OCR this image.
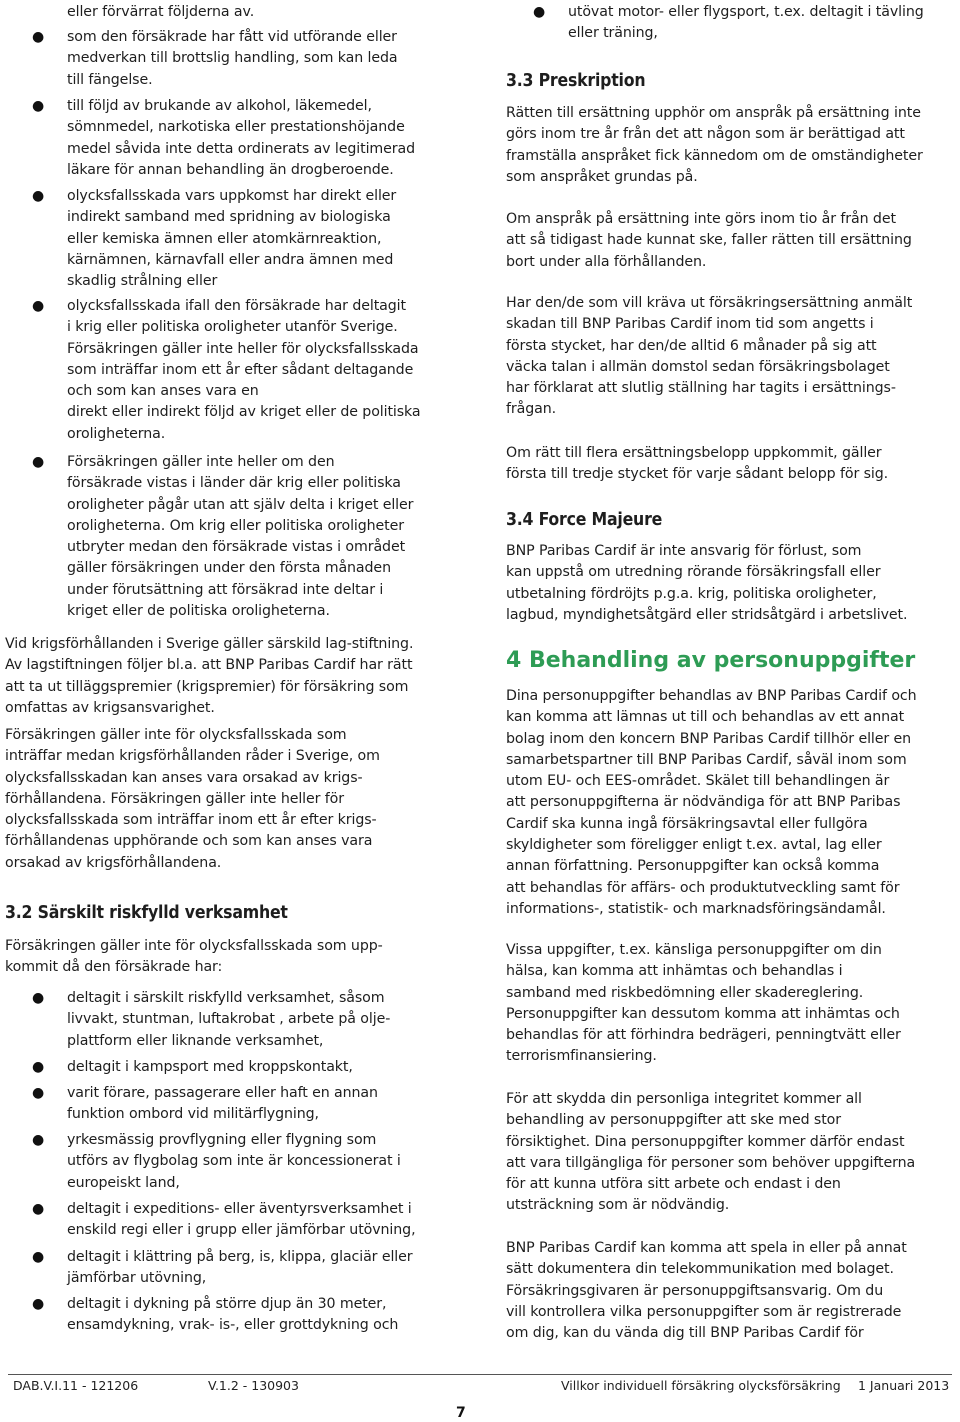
eller förvärrat följderna av.

● som den försäkrade har fått vid utförande eller
medverkan till brottslig handling, som kan leda
till fängelse.
● till följd av brukande av alkohol, läkemedel,
sömnmedel, narkotiska eller prestationshöjande
medel såvida inte detta ordinerats av legitimerad
läkare för annan behandling än drogberoende.
● olycksfallsskada vars uppkomst har direkt eller
indirekt samband med spridning av biologiska
eller kemiska ämnen eller atomkärnreaktion,
kärnämnen, kärnavfall eller andra ämnen med
skadlig strålning eller
● olycksfallsskada ifall den försäkrade har deltagit
i krig eller politiska oroligheter utanför Sverige.
Försäkringen gäller inte heller för olycksfallsskada
som inträffar inom ett år efter sådant deltagande
och som kan anses vara en
direkt eller indirekt följd av kriget eller de politiska
oroligheterna.
● Försäkringen gäller inte heller om den
försäkrade vistas i länder där krig eller politiska
oroligheter pågår utan att själv delta i kriget eller
oroligheterna. Om krig eller politiska oroligheter
utbryter medan den försäkrade vistas i området
gäller försäkringen under den första månaden
under förutsättning att försäkrad inte deltar i
kriget eller de politiska oroligheterna.

Vid krigsförhållanden i Sverige gäller särskild lag-stiftning.
Av lagstiftningen följer bl.a. att BNP Paribas Cardif har rätt
att ta ut tilläggspremier (krigspremier) för försäkring som
omfattas av krigsansvarighet.

Försäkringen gäller inte för olycksfallsskada som
inträffar medan krigsförhållanden råder i Sverige, om
olycksfallsskadan kan anses vara orsakad av krigs-
förhållandena. Försäkringen gäller inte heller för
olycksfallsskada som inträffar inom ett år efter krigs-
förhållandenas upphörande och som kan anses vara
orsakad av krigsförhållandena.

3.2 Särskilt riskfylld verksamhet

Försäkringen gäller inte för olycksfallsskada som upp-
kommit då den försäkrade har:

● deltagit i särskilt riskfylld verksamhet, såsom
livvakt, stuntman, luftakrobat , arbete på olje-
plattform eller liknande verksamhet,
● deltagit i kampsport med kroppskontakt,
● varit förare, passagerare eller haft en annan
funktion ombord vid militärflygning,
● yrkesmässig provflygning eller flygning som
utförs av flygbolag som inte är koncessionerat i
europeiskt land,
● deltagit i expeditions- eller äventyrsverksamhet i
enskild regi eller i grupp eller jämförbar utövning,
● deltagit i klättring på berg, is, klippa, glaciär eller
jämförbar utövning,
● deltagit i dykning på större djup än 30 meter,
ensamdykning, vrak- is-, eller grottdykning och
● utövat motor- eller flygsport, t.ex. deltagit i tävling
eller träning,
3.3 Preskription

Rätten till ersättning upphör om anspråk på ersättning inte
görs inom tre år från det att någon som är berättigad att
framställa anspråket fick kännedom om de omständigheter
som anspråket grundas på.

Om anspråk på ersättning inte görs inom tio år från det
att så tidigast hade kunnat ske, faller rätten till ersättning
bort under alla förhållanden.

Har den/de som vill kräva ut försäkringsersättning anmält
skadan till BNP Paribas Cardif inom tid som angetts i
första stycket, har den/de alltid 6 månader på sig att
väcka talan i allmän domstol sedan försäkringsbolaget
har förklarat att slutlig ställning har tagits i ersättnings-
frågan.

Om rätt till flera ersättningsbelopp uppkommit, gäller
första till tredje stycket för varje sådant belopp för sig.

3.4 Force Majeure

BNP Paribas Cardif är inte ansvarig för förlust, som
kan uppstå om utredning rörande försäkringsfall eller
utbetalning fördröjts p.g.a. krig, politiska oroligheter,
lagbud, myndighetsåtgärd eller stridsåtgärd i arbetslivet.

4 Behandling av personuppgifter

Dina personuppgifter behandlas av BNP Paribas Cardif och
kan komma att lämnas ut till och behandlas av ett annat
bolag inom den koncern BNP Paribas Cardif tillhör eller en
samarbetspartner till BNP Paribas Cardif, såväl inom som
utom EU- och EES-området. Skälet till behandlingen är
att personuppgifterna är nödvändiga för att BNP Paribas
Cardif ska kunna ingå försäkringsavtal eller fullgöra
skyldigheter som föreligger enligt t.ex. avtal, lag eller
annan författning. Personuppgifter kan också komma
att behandlas för affärs- och produktutveckling samt för
informations-, statistik- och marknadsföringsändamål.

Vissa uppgifter, t.ex. känsliga personuppgifter om din
hälsa, kan komma att inhämtas och behandlas i
samband med riskbedömning eller skadereglering.
Personuppgifter kan dessutom komma att inhämtas och
behandlas för att förhindra bedrägeri, penningtvätt eller
terrorismfinansiering.

För att skydda din personliga integritet kommer all
behandling av personuppgifter att ske med stor
försiktighet. Dina personuppgifter kommer därför endast
att vara tillgängliga för personer som behöver uppgifterna
för att kunna utföra sitt arbete och endast i den
utsträckning som är nödvändig.

BNP Paribas Cardif kan komma att spela in eller på annat
sätt dokumentera din telekommunikation med bolaget.
Försäkringsgivaren är personuppgiftsansvarig. Om du
vill kontrollera vilka personuppgifter som är registrerade
om dig, kan du vända dig till BNP Paribas Cardif för

DAB.V.I.11 - 121206	V.1.2 - 130903	Villkor individuell försäkring olycksförsäkring 1 Januari 2013
7
